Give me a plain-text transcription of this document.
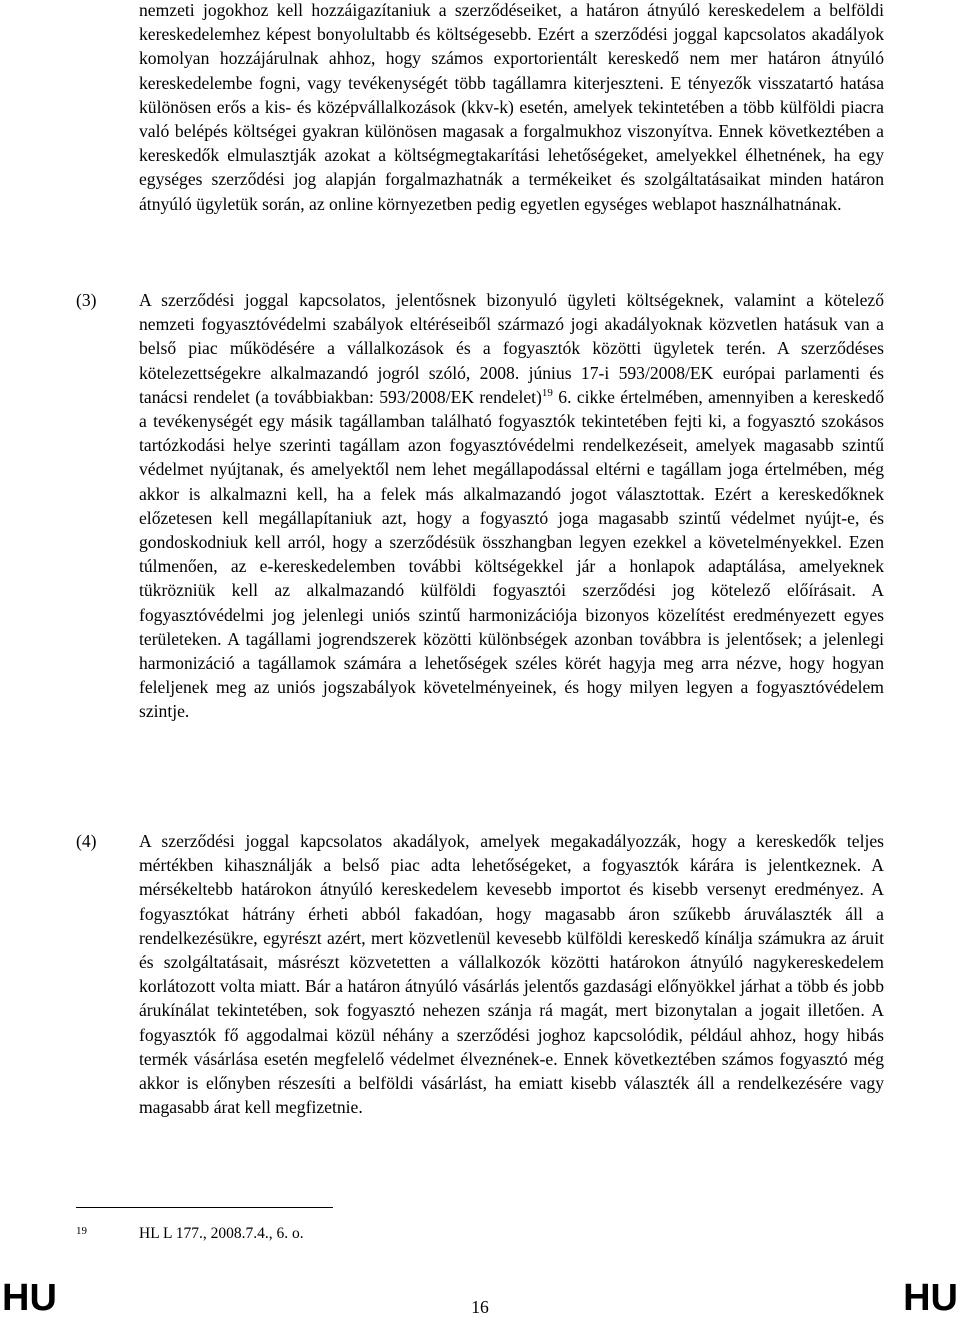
nemzeti jogokhoz kell hozzáigazítaniuk a szerződéseiket, a határon átnyúló kereskedelem a belföldi kereskedelemhez képest bonyolultabb és költségesebb. Ezért a szerződési joggal kapcsolatos akadályok komolyan hozzájárulnak ahhoz, hogy számos exportorientált kereskedő nem mer határon átnyúló kereskedelembe fogni, vagy tevékenységét több tagállamra kiterjeszteni. E tényezők visszatartó hatása különösen erős a kis- és középvállalkozások (kkv-k) esetén, amelyek tekintetében a több külföldi piacra való belépés költségei gyakran különösen magasak a forgalmukhoz viszonyítva. Ennek következtében a kereskedők elmulasztják azokat a költségmegtakarítási lehetőségeket, amelyekkel élhetnének, ha egy egységes szerződési jog alapján forgalmazhatnák a termékeiket és szolgáltatásaikat minden határon átnyúló ügyletük során, az online környezetben pedig egyetlen egységes weblapot használhatnának.

(3) A szerződési joggal kapcsolatos, jelentősnek bizonyuló ügyleti költségeknek, valamint a kötelező nemzeti fogyasztóvédelmi szabályok eltéréseiből származó jogi akadályoknak közvetlen hatásuk van a belső piac működésére a vállalkozások és a fogyasztók közötti ügyletek terén. A szerződéses kötelezettségekre alkalmazandó jogról szóló, 2008. június 17-i 593/2008/EK európai parlamenti és tanácsi rendelet (a továbbiakban: 593/2008/EK rendelet)$^{19}$ 6. cikke értelmében, amennyiben a kereskedő a tevékenységét egy másik tagállamban található fogyasztók tekintetében fejti ki, a fogyasztó szokásos tartózkodási helye szerinti tagállam azon fogyasztóvédelmi rendelkezéseit, amelyek magasabb szintű védelmet nyújtanak, és amelyektől nem lehet megállapodással eltérni e tagállam joga értelmében, még akkor is alkalmazni kell, ha a felek más alkalmazandó jogot választottak. Ezért a kereskedőknek előzetesen kell megállapítaniuk azt, hogy a fogyasztó joga magasabb szintű védelmet nyújt-e, és gondoskodniuk kell arról, hogy a szerződésük összhangban legyen ezekkel a követelményekkel. Ezen túlmenően, az e-kereskedelemben további költségekkel jár a honlapok adaptálása, amelyeknek tükrözniük kell az alkalmazandó külföldi fogyasztói szerződési jog kötelező előírásait. A fogyasztóvédelmi jog jelenlegi uniós szintű harmonizációja bizonyos közelítést eredményezett egyes területeken. A tagállami jogrendszerek közötti különbségek azonban továbbra is jelentősek; a jelenlegi harmonizáció a tagállamok számára a lehetőségek széles körét hagyja meg arra nézve, hogy hogyan feleljenek meg az uniós jogszabályok követelményeinek, és hogy milyen legyen a fogyasztóvédelem szintje.

(4) A szerződési joggal kapcsolatos akadályok, amelyek megakadályozzák, hogy a kereskedők teljes mértékben kihasználják a belső piac adta lehetőségeket, a fogyasztók kárára is jelentkeznek. A mérsékeltebb határokon átnyúló kereskedelem kevesebb importot és kisebb versenyt eredményez. A fogyasztókat hátrány érheti abból fakadóan, hogy magasabb áron szűkebb áruválaszték áll a rendelkezésükre, egyrészt azért, mert közvetlenül kevesebb külföldi kereskedő kínálja számukra az áruit és szolgáltatásait, másrészt közvetetten a vállalkozók közötti határokon átnyúló nagykereskedelem korlátozott volta miatt. Bár a határon átnyúló vásárlás jelentős gazdasági előnyökkel járhat a több és jobb árukínálat tekintetében, sok fogyasztó nehezen szánja rá magát, mert bizonytalan a jogait illetően. A fogyasztók fő aggodalmai közül néhány a szerződési joghoz kapcsolódik, például ahhoz, hogy hibás termék vásárlása esetén megfelelő védelmet élveznének-e. Ennek következtében számos fogyasztó még akkor is előnyben részesíti a belföldi vásárlást, ha emiatt kisebb választék áll a rendelkezésére vagy magasabb árat kell megfizetnie.

19	HL L 177., 2008.7.4., 6. o.
HU	16	HU
